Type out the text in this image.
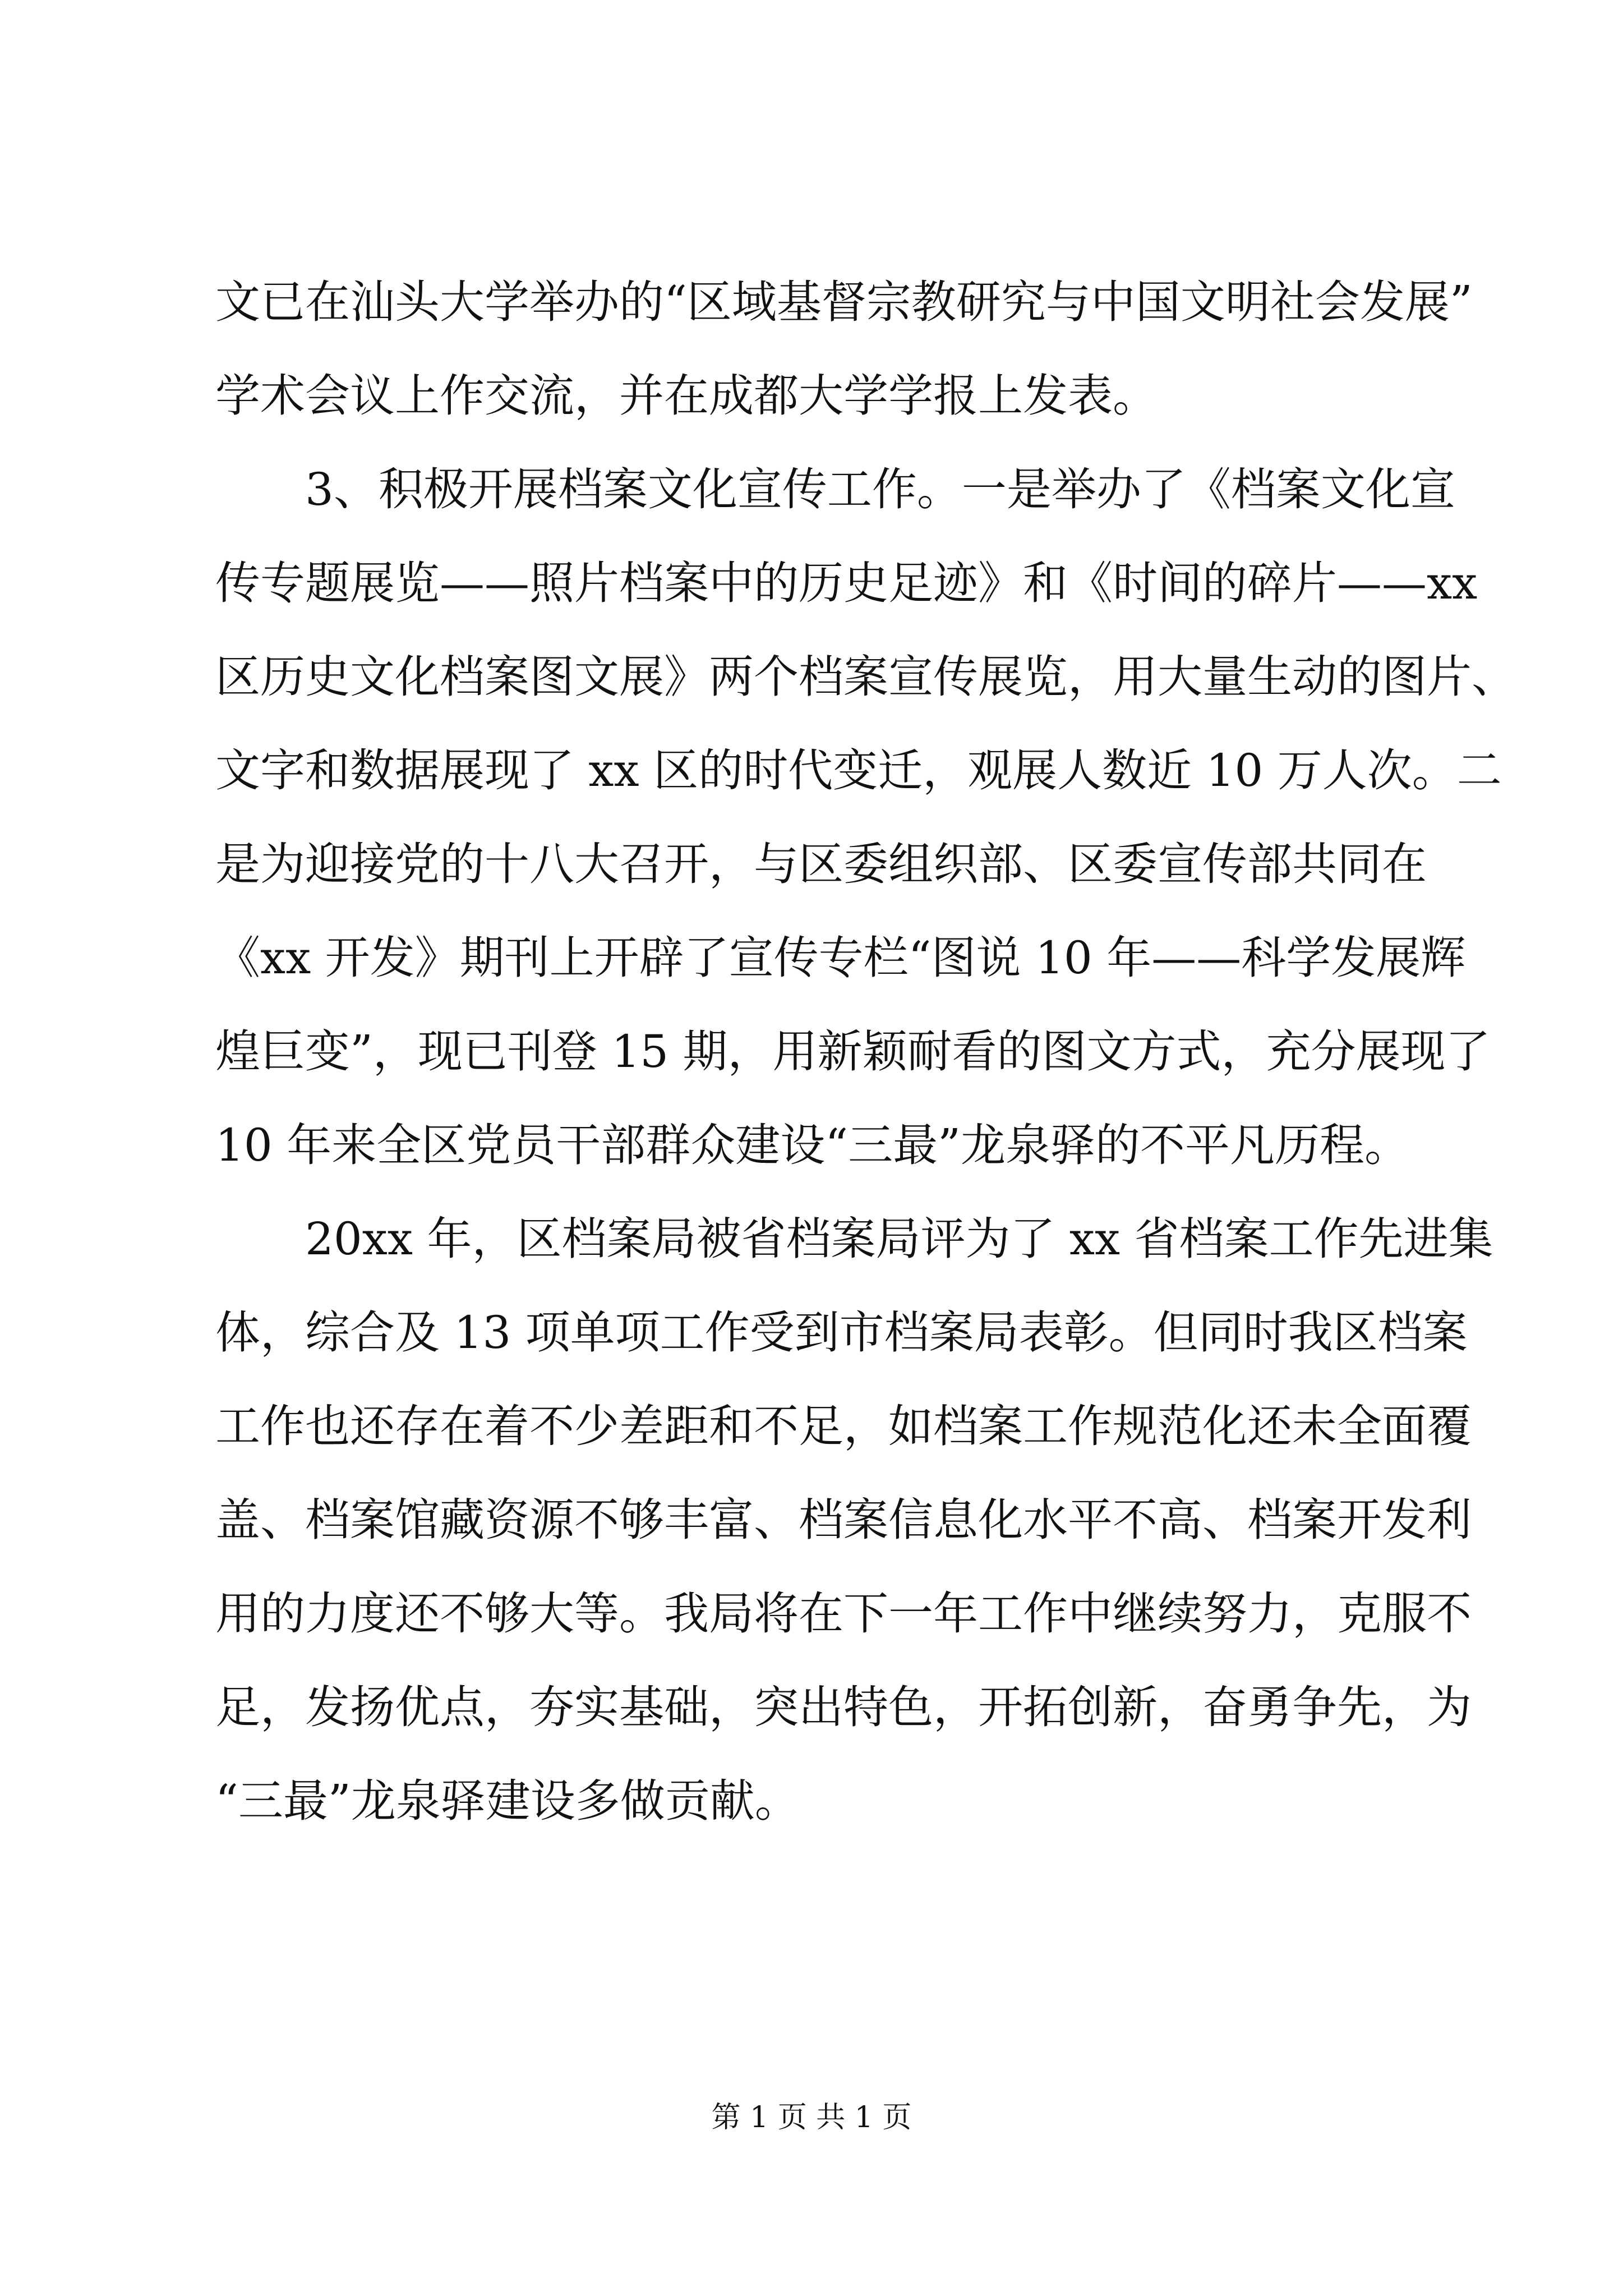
文已在汕头大学举办的“区域基督宗教研究与中国文明社会发展”
学术会议上作交流，并在成都大学学报上发表。
3、积极开展档案文化宣传工作。一是举办了《档案文化宣
传专题展览——照片档案中的历史足迹》和《时间的碎片——xx
区历史文化档案图文展》两个档案宣传展览，用大量生动的图片、
文字和数据展现了 xx 区的时代变迁，观展人数近 10 万人次。二
是为迎接党的十八大召开，与区委组织部、区委宣传部共同在
《xx 开发》期刊上开辟了宣传专栏“图说 10 年——科学发展辉
煌巨变”，现已刊登 15 期，用新颖耐看的图文方式，充分展现了
10 年来全区党员干部群众建设“三最”龙泉驿的不平凡历程。
20xx 年，区档案局被省档案局评为了 xx 省档案工作先进集
体，综合及 13 项单项工作受到市档案局表彰。但同时我区档案
工作也还存在着不少差距和不足，如档案工作规范化还未全面覆
盖、档案馆藏资源不够丰富、档案信息化水平不高、档案开发利
用的力度还不够大等。我局将在下一年工作中继续努力，克服不
足，发扬优点，夯实基础，突出特色，开拓创新，奋勇争先，为
“三最”龙泉驿建设多做贡献。
第 1 页 共 1 页
